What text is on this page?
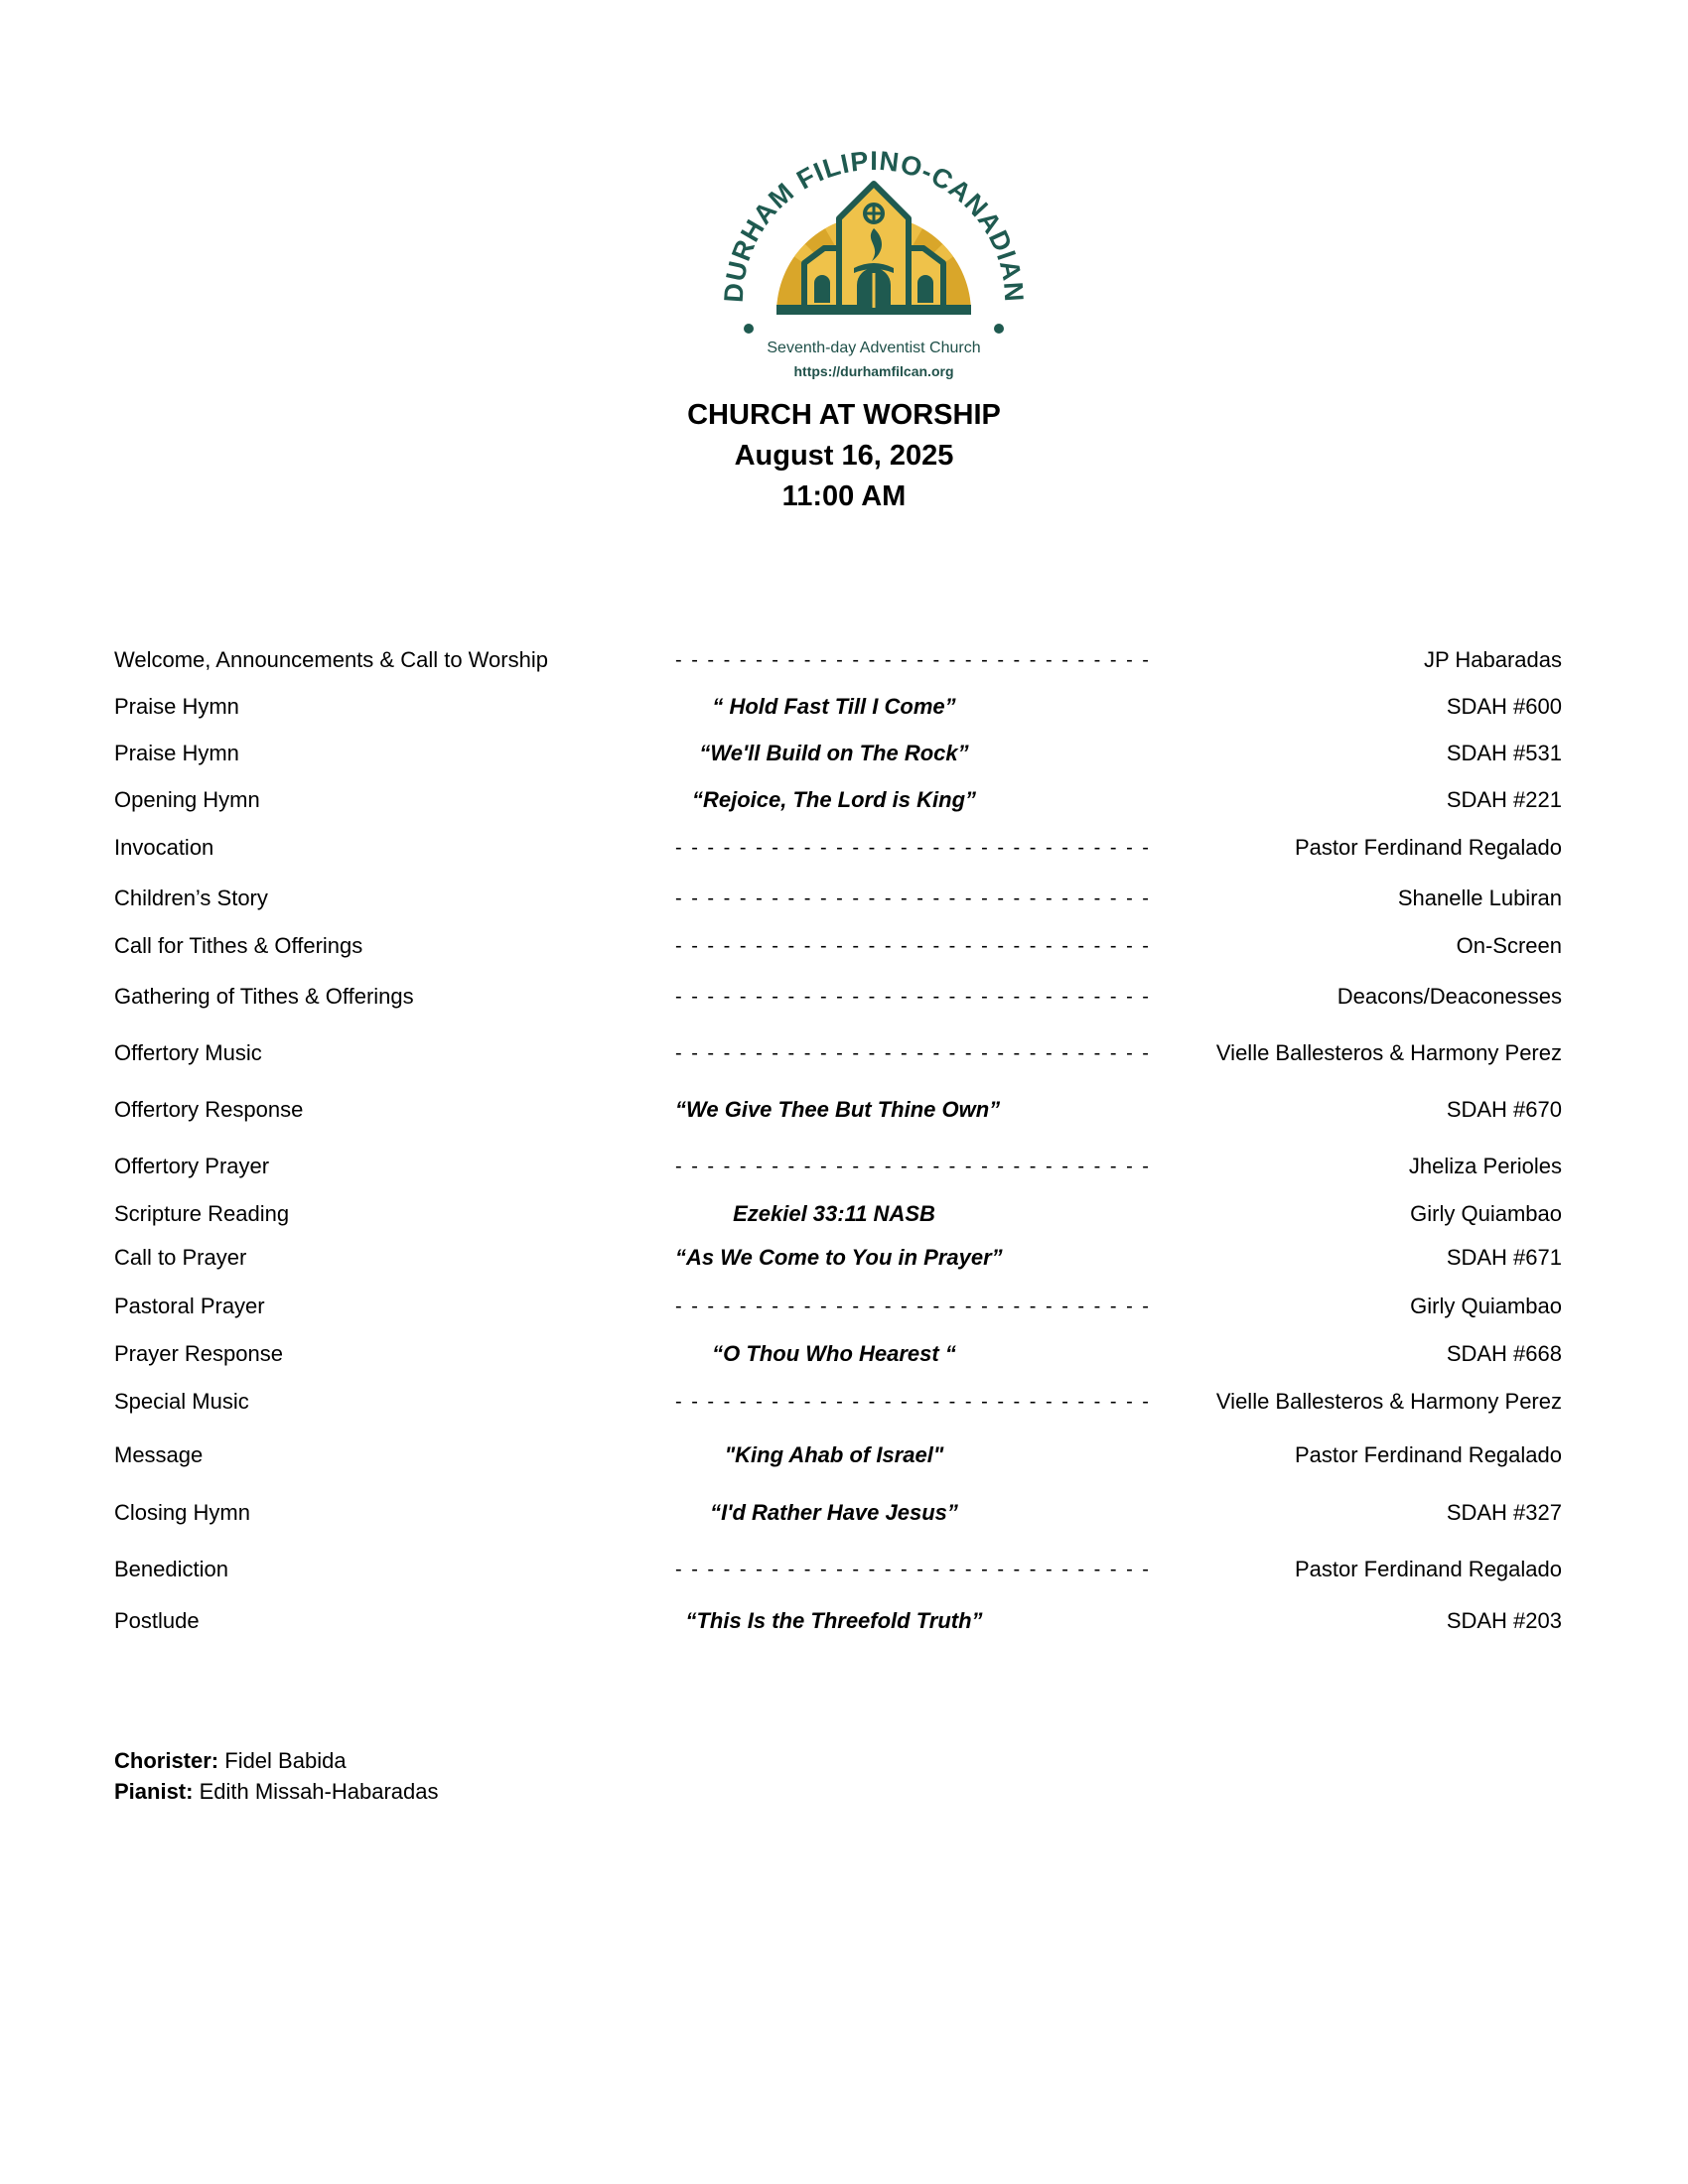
DURHAM FILIPINO-CANADIAN
Seventh-day Adventist Church
https://durhamfilcan.org
CHURCH AT WORSHIP
August 16, 2025
11:00 AM
Welcome, Announcements & Call to Worship	- - - - - - - - - - - - - - - - - - - - - - - - - - - - - -	JP Habaradas
Praise Hymn	“ Hold Fast Till I Come”	SDAH #600
Praise Hymn	“We'll Build on The Rock”	SDAH #531
Opening Hymn	“Rejoice, The Lord is King”	SDAH #221
Invocation	- - - - - - - - - - - - - - - - - - - - - - - - - - - - - -	Pastor Ferdinand Regalado
Children’s Story	- - - - - - - - - - - - - - - - - - - - - - - - - - - - - -	Shanelle Lubiran
Call for Tithes & Offerings	- - - - - - - - - - - - - - - - - - - - - - - - - - - - - -	On-Screen
Gathering of Tithes & Offerings	- - - - - - - - - - - - - - - - - - - - - - - - - - - - - -	Deacons/Deaconesses
Offertory Music	- - - - - - - - - - - - - - - - - - - - - - - - - - - - - -	Vielle Ballesteros & Harmony Perez
Offertory Response	“We Give Thee But Thine Own”	SDAH #670
Offertory Prayer	- - - - - - - - - - - - - - - - - - - - - - - - - - - - - -	Jheliza Perioles
Scripture Reading	Ezekiel 33:11 NASB	Girly Quiambao
Call to Prayer	“As We Come to You in Prayer”	SDAH #671
Pastoral Prayer	- - - - - - - - - - - - - - - - - - - - - - - - - - - - - -	Girly Quiambao
Prayer Response	“O Thou Who Hearest “	SDAH #668
Special Music	- - - - - - - - - - - - - - - - - - - - - - - - - - - - - -	Vielle Ballesteros & Harmony Perez
Message	"King Ahab of Israel"	Pastor Ferdinand Regalado
Closing Hymn	“I'd Rather Have Jesus”	SDAH #327
Benediction	- - - - - - - - - - - - - - - - - - - - - - - - - - - - - -	Pastor Ferdinand Regalado
Postlude	“This Is the Threefold Truth”	SDAH #203
Chorister: Fidel Babida
Pianist: Edith Missah-Habaradas
